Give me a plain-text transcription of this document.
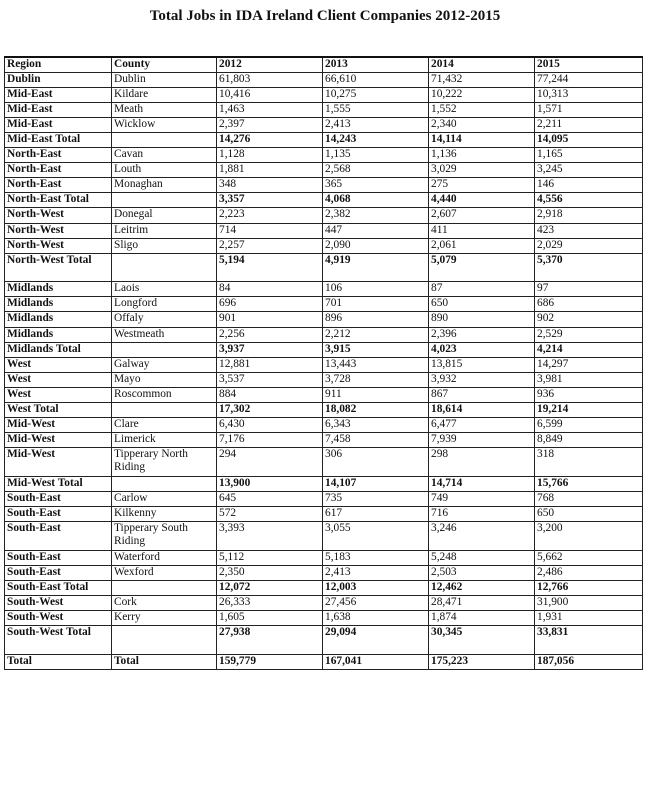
Total Jobs in IDA Ireland Client Companies 2012-2015
Region	County	2012	2013	2014	2015
Dublin	Dublin	61,803	66,610	71,432	77,244
Mid-East	Kildare	10,416	10,275	10,222	10,313
Mid-East	Meath	1,463	1,555	1,552	1,571
Mid-East	Wicklow	2,397	2,413	2,340	2,211
Mid-East Total		14,276	14,243	14,114	14,095
North-East	Cavan	1,128	1,135	1,136	1,165
North-East	Louth	1,881	2,568	3,029	3,245
North-East	Monaghan	348	365	275	146
North-East Total		3,357	4,068	4,440	4,556
North-West	Donegal	2,223	2,382	2,607	2,918
North-West	Leitrim	714	447	411	423
North-West	Sligo	2,257	2,090	2,061	2,029
North-West Total		5,194	4,919	5,079	5,370
Midlands	Laois	84	106	87	97
Midlands	Longford	696	701	650	686
Midlands	Offaly	901	896	890	902
Midlands	Westmeath	2,256	2,212	2,396	2,529
Midlands Total		3,937	3,915	4,023	4,214
West	Galway	12,881	13,443	13,815	14,297
West	Mayo	3,537	3,728	3,932	3,981
West	Roscommon	884	911	867	936
West Total		17,302	18,082	18,614	19,214
Mid-West	Clare	6,430	6,343	6,477	6,599
Mid-West	Limerick	7,176	7,458	7,939	8,849
Mid-West	Tipperary North Riding	294	306	298	318
Mid-West Total		13,900	14,107	14,714	15,766
South-East	Carlow	645	735	749	768
South-East	Kilkenny	572	617	716	650
South-East	Tipperary South Riding	3,393	3,055	3,246	3,200
South-East	Waterford	5,112	5,183	5,248	5,662
South-East	Wexford	2,350	2,413	2,503	2,486
South-East Total		12,072	12,003	12,462	12,766
South-West	Cork	26,333	27,456	28,471	31,900
South-West	Kerry	1,605	1,638	1,874	1,931
South-West Total		27,938	29,094	30,345	33,831
Total	Total	159,779	167,041	175,223	187,056
